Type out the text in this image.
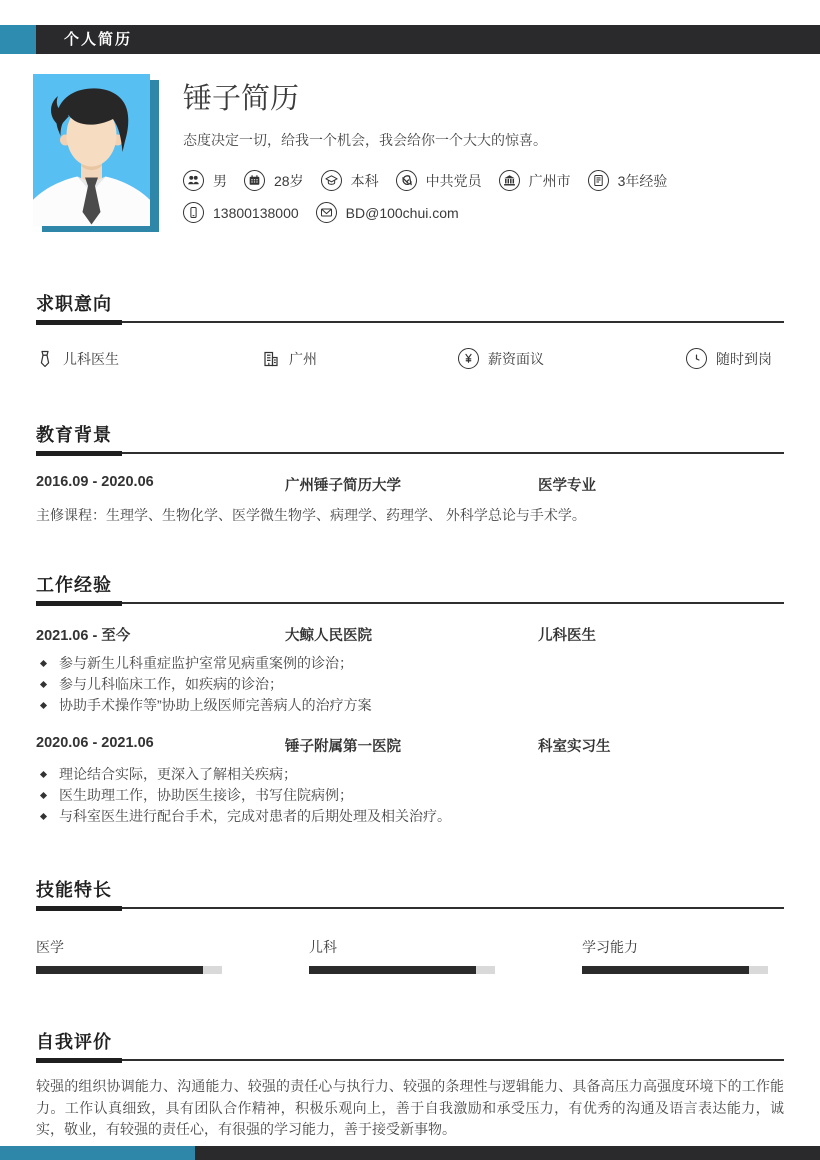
个人简历
锤子简历
态度决定一切，给我一个机会，我会给你一个大大的惊喜。
男	28岁	本科	中共党员	广州市	3年经验
13800138000	BD@100chui.com
求职意向
儿科医生	广州	薪资面议	随时到岗
教育背景
2016.09 - 2020.06	广州锤子简历大学	医学专业
主修课程：生理学、生物化学、医学微生物学、病理学、药理学、 外科学总论与手术学。
工作经验
2021.06 - 至今	大鲸人民医院	儿科医生
参与新生儿科重症监护室常见病重案例的诊治；
参与儿科临床工作，如疾病的诊治；
协助手术操作等”协助上级医师完善病人的治疗方案
2020.06 - 2021.06	锤子附属第一医院	科室实习生
理论结合实际，更深入了解相关疾病；
医生助理工作，协助医生接诊，书写住院病例；
与科室医生进行配台手术，完成对患者的后期处理及相关治疗。
技能特长
医学	儿科	学习能力
自我评价
较强的组织协调能力、沟通能力、较强的责任心与执行力、较强的条理性与逻辑能力、具备高压力高强度环境下的工作能力。工作认真细致，具有团队合作精神，积极乐观向上，善于自我激励和承受压力，有优秀的沟通及语言表达能力，诚实，敬业，有较强的责任心，有很强的学习能力，善于接受新事物。
